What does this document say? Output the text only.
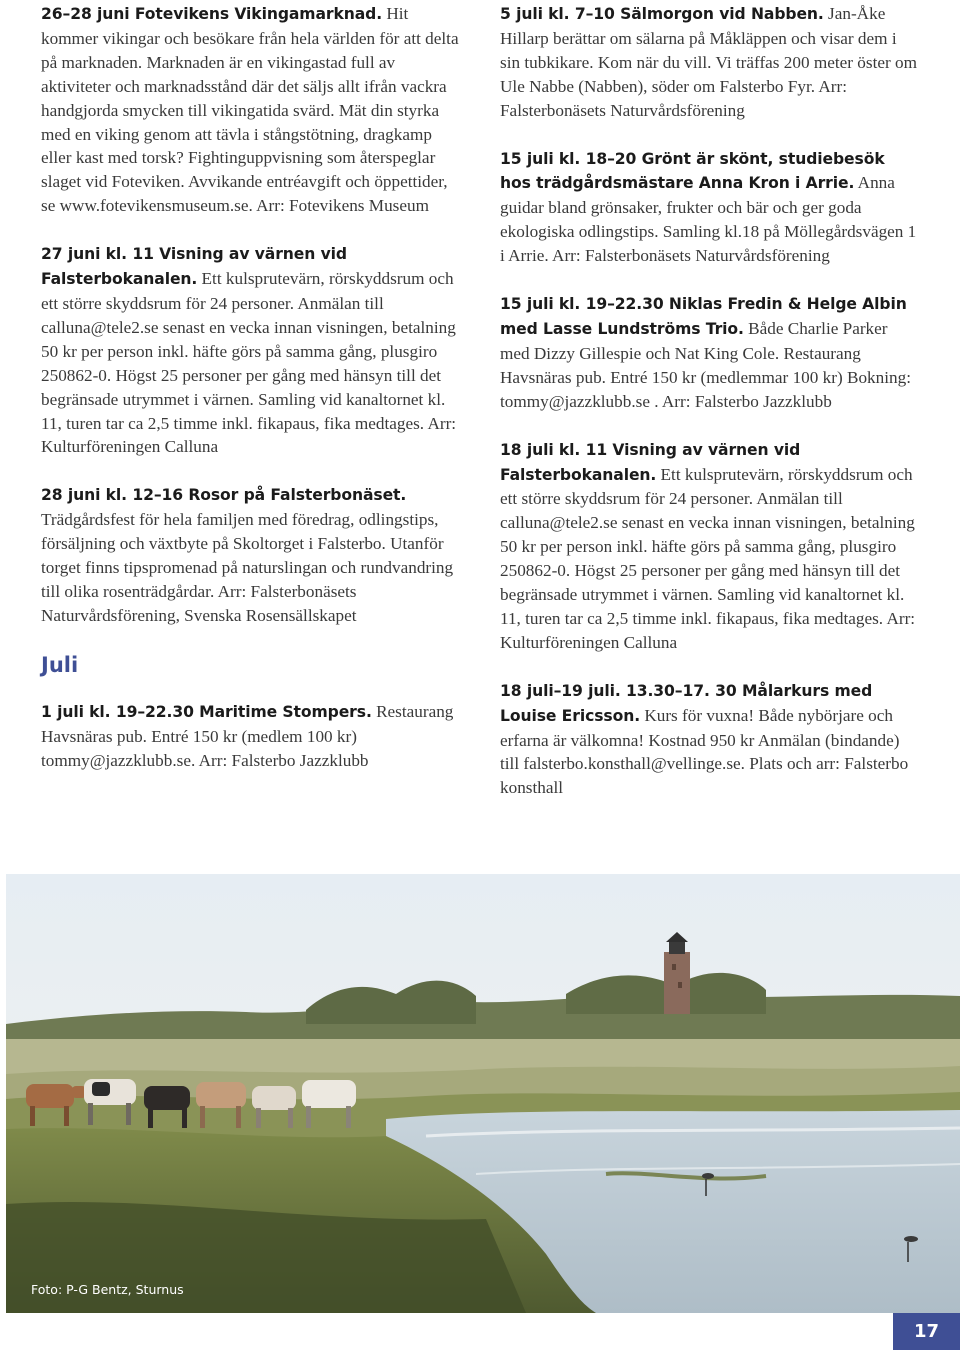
26–28 juni Fotevikens Vikingamarknad. Hit kommer vikingar och besökare från hela världen för att delta på marknaden. Marknaden är en vikingastad full av aktiviteter och marknadsstånd där det säljs allt ifrån vackra handgjorda smycken till vikingatida svärd. Mät din styrka med en viking genom att tävla i stångstötning, dragkamp eller kast med torsk? Fightinguppvisning som återspeglar slaget vid Foteviken. Avvikande entréavgift och öppettider, se www.fotevikensmuseum.se. Arr: Fotevikens Museum

27 juni kl. 11 Visning av värnen vid Falsterbokanalen. Ett kulsprutevärn, rörskyddsrum och ett större skyddsrum för 24 personer. Anmälan till calluna@tele2.se senast en vecka innan visningen, betalning 50 kr per person inkl. häfte görs på samma gång, plusgiro 250862-0. Högst 25 personer per gång med hänsyn till det begränsade utrymmet i värnen. Samling vid kanaltornet kl. 11, turen tar ca 2,5 timme inkl. fikapaus, fika medtages. Arr: Kulturföreningen Calluna

28 juni kl. 12–16 Rosor på Falsterbonäset. Trädgårdsfest för hela familjen med föredrag, odlingstips, försäljning och växtbyte på Skoltorget i Falsterbo. Utanför torget finns tipspromenad på naturslingan och rundvandring till olika rosenträdgårdar. Arr: Falsterbonäsets Naturvårdsförening, Svenska Rosensällskapet

Juli

1 juli kl. 19–22.30 Maritime Stompers. Restaurang Havsnäras pub. Entré 150 kr (medlem 100 kr) tommy@jazzklubb.se. Arr: Falsterbo Jazzklubb

5 juli kl. 7–10 Sälmorgon vid Nabben. Jan-Åke Hillarp berättar om sälarna på Måkläppen och visar dem i sin tubkikare. Kom när du vill. Vi träffas 200 meter öster om Ule Nabbe (Nabben), söder om Falsterbo Fyr. Arr: Falsterbonäsets Naturvårdsförening

15 juli kl. 18–20 Grönt är skönt, studiebesök hos trädgårdsmästare Anna Kron i Arrie. Anna guidar bland grönsaker, frukter och bär och ger goda ekologiska odlingstips. Samling kl.18 på Möllegårdsvägen 1 i Arrie. Arr: Falsterbonäsets Naturvårdsförening

15 juli kl. 19–22.30 Niklas Fredin & Helge Albin med Lasse Lundströms Trio. Både Charlie Parker med Dizzy Gillespie och Nat King Cole. Restaurang Havsnäras pub. Entré 150 kr (medlemmar 100 kr) Bokning: tommy@jazzklubb.se . Arr: Falsterbo Jazzklubb

18 juli kl. 11 Visning av värnen vid Falsterbokanalen. Ett kulsprutevärn, rörskyddsrum och ett större skyddsrum för 24 personer. Anmälan till calluna@tele2.se senast en vecka innan visningen, betalning 50 kr per person inkl. häfte görs på samma gång, plusgiro 250862-0. Högst 25 personer per gång med hänsyn till det begränsade utrymmet i värnen. Samling vid kanaltornet kl. 11, turen tar ca 2,5 timme inkl. fikapaus, fika medtages. Arr: Kulturföreningen Calluna

18 juli–19 juli. 13.30–17. 30 Målarkurs med Louise Ericsson. Kurs för vuxna! Både nybörjare och erfarna är välkomna! Kostnad 950 kr Anmälan (bindande) till falsterbo.konsthall@vellinge.se. Plats och arr: Falsterbo konsthall

Foto: P-G Bentz, Sturnus
17
